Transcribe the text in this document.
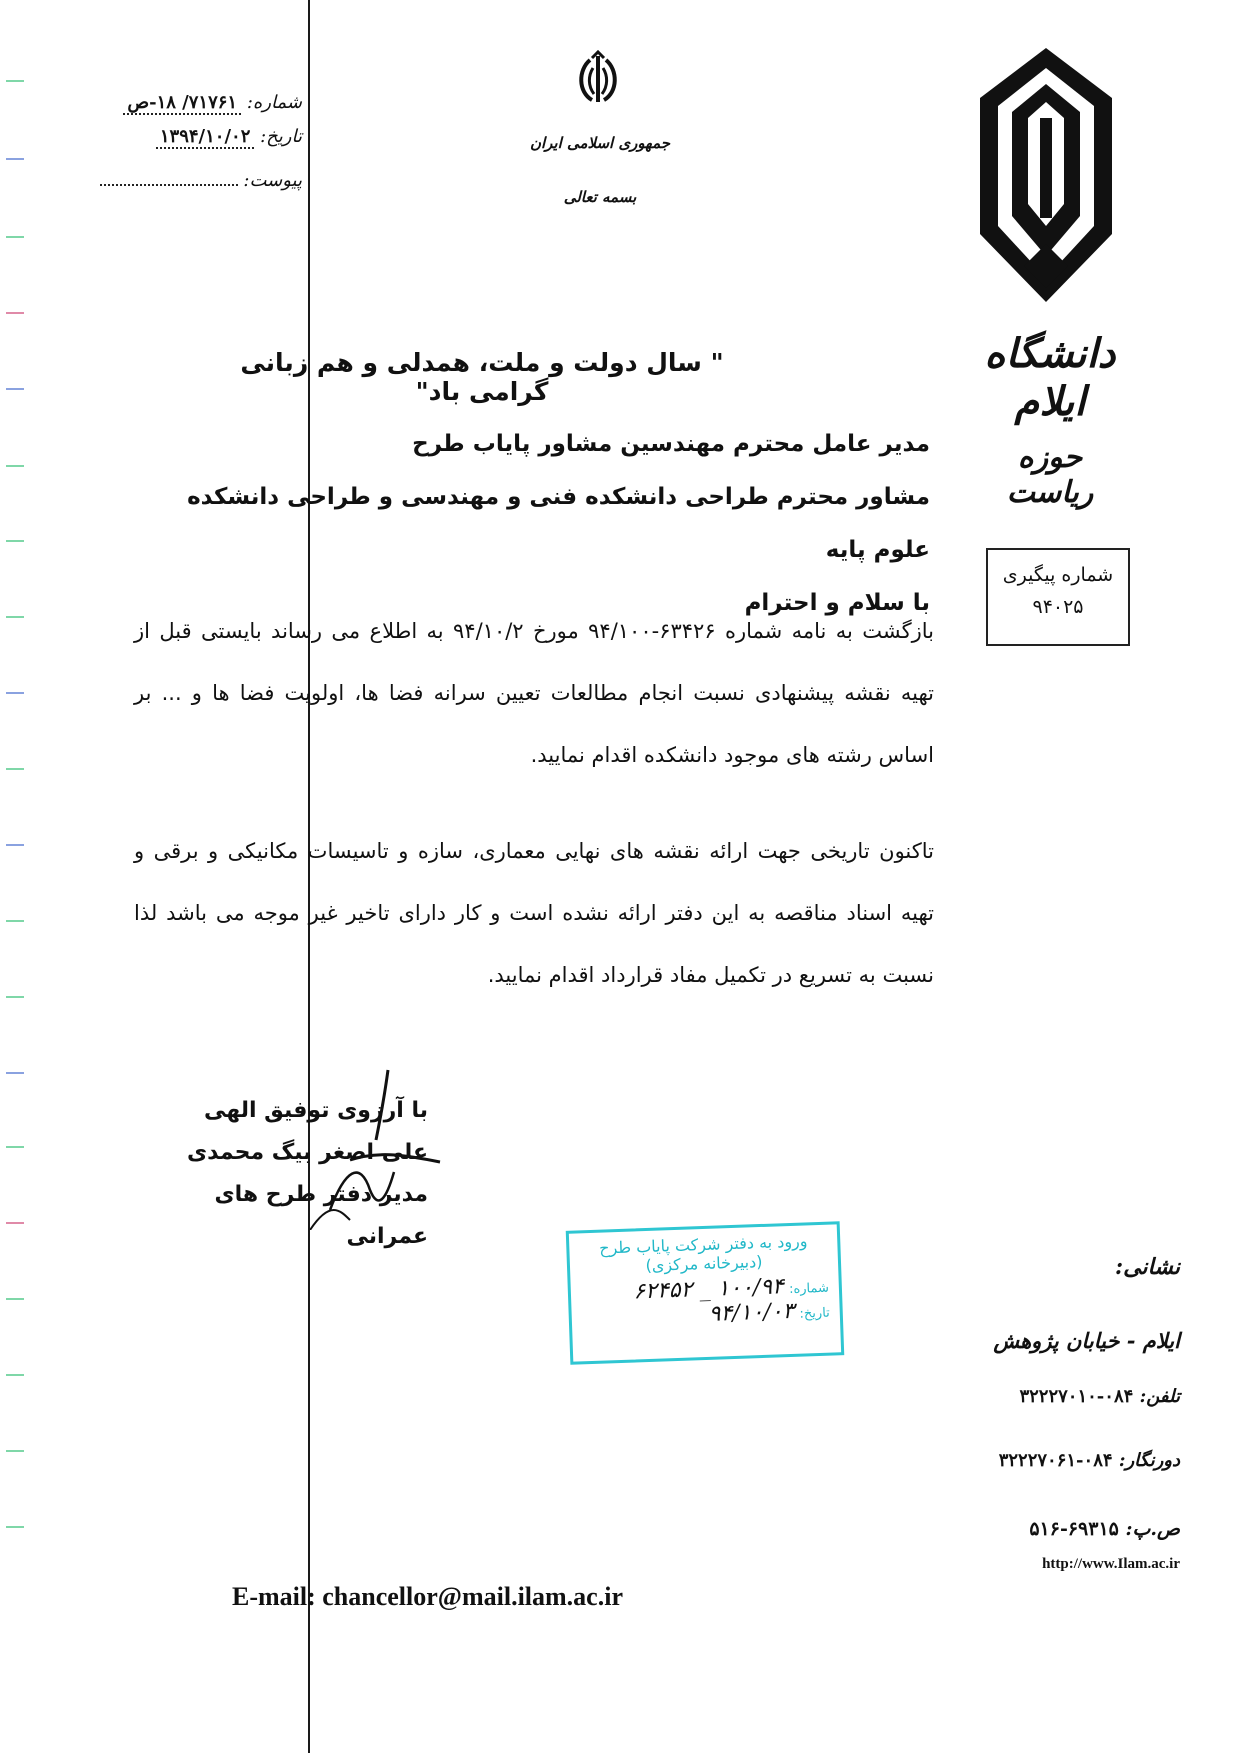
شماره: ۷۱۷۶۱/ ۱۸-ص
تاریخ: ۱۳۹۴/۱۰/۰۲
پیوست:
جمهوری اسلامی ایران
بسمه تعالی
دانشگاه ایلام
حوزه ریاست
شماره پیگیری
۹۴۰۲۵
" سال دولت و ملت، همدلی و هم زبانی گرامی باد"
مدیر عامل محترم مهندسین مشاور پایاب طرح
مشاور محترم طراحی دانشکده فنی و مهندسی و طراحی دانشکده علوم پایه
با سلام و احترام
بازگشت به نامه شماره ۶۳۴۲۶-۹۴/۱۰۰ مورخ ۹۴/۱۰/۲ به اطلاع می رساند بایستی قبل از تهیه نقشه پیشنهادی نسبت انجام مطالعات تعیین سرانه فضا ها، اولویت فضا ها و ... بر اساس رشته های موجود دانشکده اقدام نمایید.
تاکنون تاریخی جهت ارائه نقشه های نهایی معماری، سازه و تاسیسات مکانیکی و برقی و تهیه اسناد مناقصه به این دفتر ارائه نشده است و کار دارای تاخیر غیر موجه می باشد لذا نسبت به تسریع در تکمیل مفاد قرارداد اقدام نمایید.
با آرزوی توفیق الهی
علی اصغر بیگ محمدی
مدیر دفتر طرح های عمرانی	ورود به دفتر شرکت پایاب طرح
(دبیرخانه مرکزی)
شماره: ۱۰۰/۹۴ _ ۶۲۴۵۲
تاریخ: ۹۴/۱۰/۰۳
نشانی:
ایلام - خیابان پژوهش
تلفن: ۰۸۴-۳۲۲۲۷۰۱۰
دورنگار: ۰۸۴-۳۲۲۲۷۰۶۱
ص.پ: ۶۹۳۱۵-۵۱۶
http://www.Ilam.ac.ir
E-mail: chancellor@mail.ilam.ac.ir
